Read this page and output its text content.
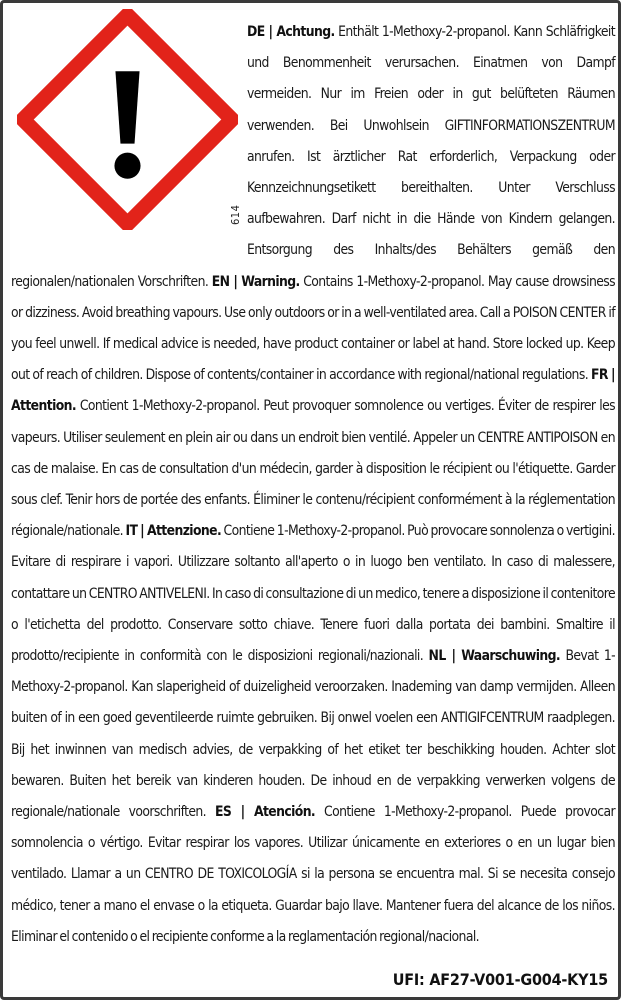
614
DE | Achtung. Enthält 1-Methoxy-2-propanol. Kann Schläfrigkeit und Benommenheit verursachen. Einatmen von Dampf vermeiden. Nur im Freien oder in gut belüfteten Räumen verwenden. Bei Unwohlsein GIFTINFORMATIONSZENTRUM anrufen. Ist ärztlicher Rat erforderlich, Verpackung oder Kennzeichnungsetikett bereithalten. Unter Verschluss aufbewahren. Darf nicht in die Hände von Kindern gelangen. Entsorgung des Inhalts/des Behälters gemäß den regionalen/nationalen Vorschriften. EN | Warning. Contains 1-Methoxy-2-propanol. May cause drowsiness or dizziness. Avoid breathing vapours. Use only outdoors or in a well-ventilated area. Call a POISON CENTER if you feel unwell. If medical advice is needed, have product container or label at hand. Store locked up. Keep out of reach of children. Dispose of contents/container in accordance with regional/national regulations. FR | Attention. Contient 1-Methoxy-2-propanol. Peut provoquer somnolence ou vertiges. Éviter de respirer les vapeurs. Utiliser seulement en plein air ou dans un endroit bien ventilé. Appeler un CENTRE ANTIPOISON en cas de malaise. En cas de consultation d'un médecin, garder à disposition le récipient ou l'étiquette. Garder sous clef. Tenir hors de portée des enfants. Éliminer le contenu/récipient conformément à la réglementation régionale/nationale. IT | Attenzione. Contiene 1-Methoxy-2-propanol. Può provocare sonnolenza o vertigini. Evitare di respirare i vapori. Utilizzare soltanto all'aperto o in luogo ben ventilato. In caso di malessere, contattare un CENTRO ANTIVELENI. In caso di consultazione di un medico, tenere a disposizione il contenitore o l'etichetta del prodotto. Conservare sotto chiave. Tenere fuori dalla portata dei bambini. Smaltire il prodotto/recipiente in conformità con le disposizioni regionali/nazionali. NL | Waarschuwing. Bevat 1-Methoxy-2-propanol. Kan slaperigheid of duizeligheid veroorzaken. Inademing van damp vermijden. Alleen buiten of in een goed geventileerde ruimte gebruiken. Bij onwel voelen een ANTIGIFCENTRUM raadplegen. Bij het inwinnen van medisch advies, de verpakking of het etiket ter beschikking houden. Achter slot bewaren. Buiten het bereik van kinderen houden. De inhoud en de verpakking verwerken volgens de regionale/nationale voorschriften. ES | Atención. Contiene 1-Methoxy-2-propanol. Puede provocar somnolencia o vértigo. Evitar respirar los vapores. Utilizar únicamente en exteriores o en un lugar bien ventilado. Llamar a un CENTRO DE TOXICOLOGÍA si la persona se encuentra mal. Si se necesita consejo médico, tener a mano el envase o la etiqueta. Guardar bajo llave. Mantener fuera del alcance de los niños. Eliminar el contenido o el recipiente conforme a la reglamentación regional/nacional.
UFI: AF27-V001-G004-KY15
